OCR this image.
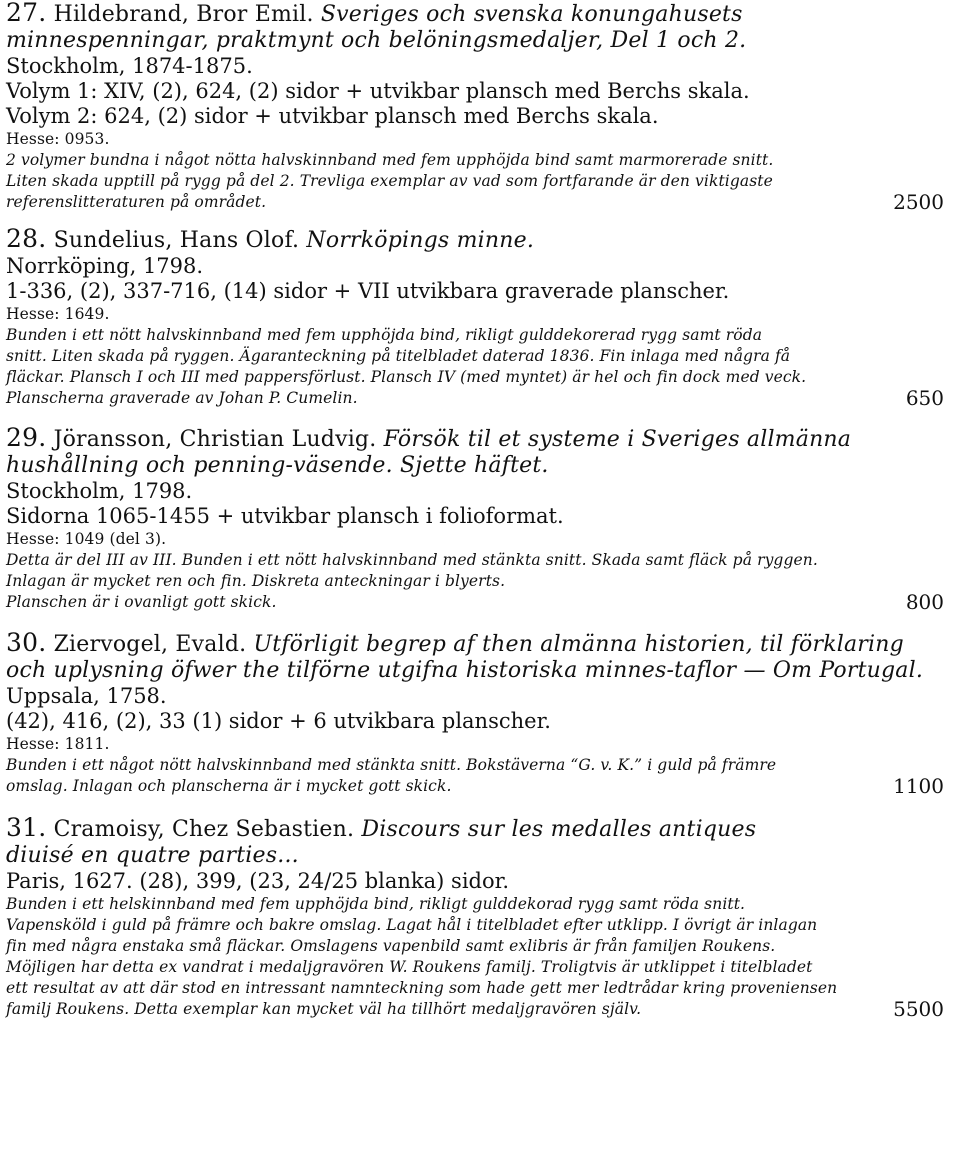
27. Hildebrand, Bror Emil. Sveriges och svenska konungahusets
minnespenningar, praktmynt och belöningsmedaljer, Del 1 och 2.
Stockholm, 1874-1875.
Volym 1: XIV, (2), 624, (2) sidor + utvikbar plansch med Berchs skala.
Volym 2: 624, (2) sidor + utvikbar plansch med Berchs skala.
Hesse: 0953.
2 volymer bundna i något nötta halvskinnband med fem upphöjda bind samt marmorerade snitt.
Liten skada upptill på rygg på del 2. Trevliga exemplar av vad som fortfarande är den viktigaste
referenslitteraturen på området.	2500
28. Sundelius, Hans Olof. Norrköpings minne.
Norrköping, 1798.
1-336, (2), 337-716, (14) sidor + VII utvikbara graverade planscher.
Hesse: 1649.
Bunden i ett nött halvskinnband med fem upphöjda bind, rikligt gulddekorerad rygg samt röda
snitt. Liten skada på ryggen. Ägaranteckning på titelbladet daterad 1836. Fin inlaga med några få
fläckar. Plansch I och III med pappersförlust. Plansch IV (med myntet) är hel och fin dock med veck.
Planscherna graverade av Johan P. Cumelin.	650
29. Jöransson, Christian Ludvig. Försök til et systeme i Sveriges allmänna
hushållning och penning-väsende. Sjette häftet.
Stockholm, 1798.
Sidorna 1065-1455 + utvikbar plansch i folioformat.
Hesse: 1049 (del 3).
Detta är del III av III. Bunden i ett nött halvskinnband med stänkta snitt. Skada samt fläck på ryggen.
Inlagan är mycket ren och fin. Diskreta anteckningar i blyerts.
Planschen är i ovanligt gott skick.	800
30. Ziervogel, Evald. Utförligit begrep af then almänna historien, til förklaring
och uplysning öfwer the tilförne utgifna historiska minnes-taflor — Om Portugal.
Uppsala, 1758.
(42), 416, (2), 33 (1) sidor + 6 utvikbara planscher.
Hesse: 1811.
Bunden i ett något nött halvskinnband med stänkta snitt. Bokstäverna “G. v. K.” i guld på främre
omslag. Inlagan och planscherna är i mycket gott skick.	1100
31. Cramoisy, Chez Sebastien. Discours sur les medalles antiques
diuisé en quatre parties...
Paris, 1627. (28), 399, (23, 24/25 blanka) sidor.
Bunden i ett helskinnband med fem upphöjda bind, rikligt gulddekorad rygg samt röda snitt.
Vapensköld i guld på främre och bakre omslag. Lagat hål i titelbladet efter utklipp. I övrigt är inlagan
fin med några enstaka små fläckar. Omslagens vapenbild samt exlibris är från familjen Roukens.
Möjligen har detta ex vandrat i medaljgravören W. Roukens familj. Troligtvis är utklippet i titelbladet
ett resultat av att där stod en intressant namnteckning som hade gett mer ledtrådar kring proveniensen
familj Roukens. Detta exemplar kan mycket väl ha tillhört medaljgravören själv.	5500
